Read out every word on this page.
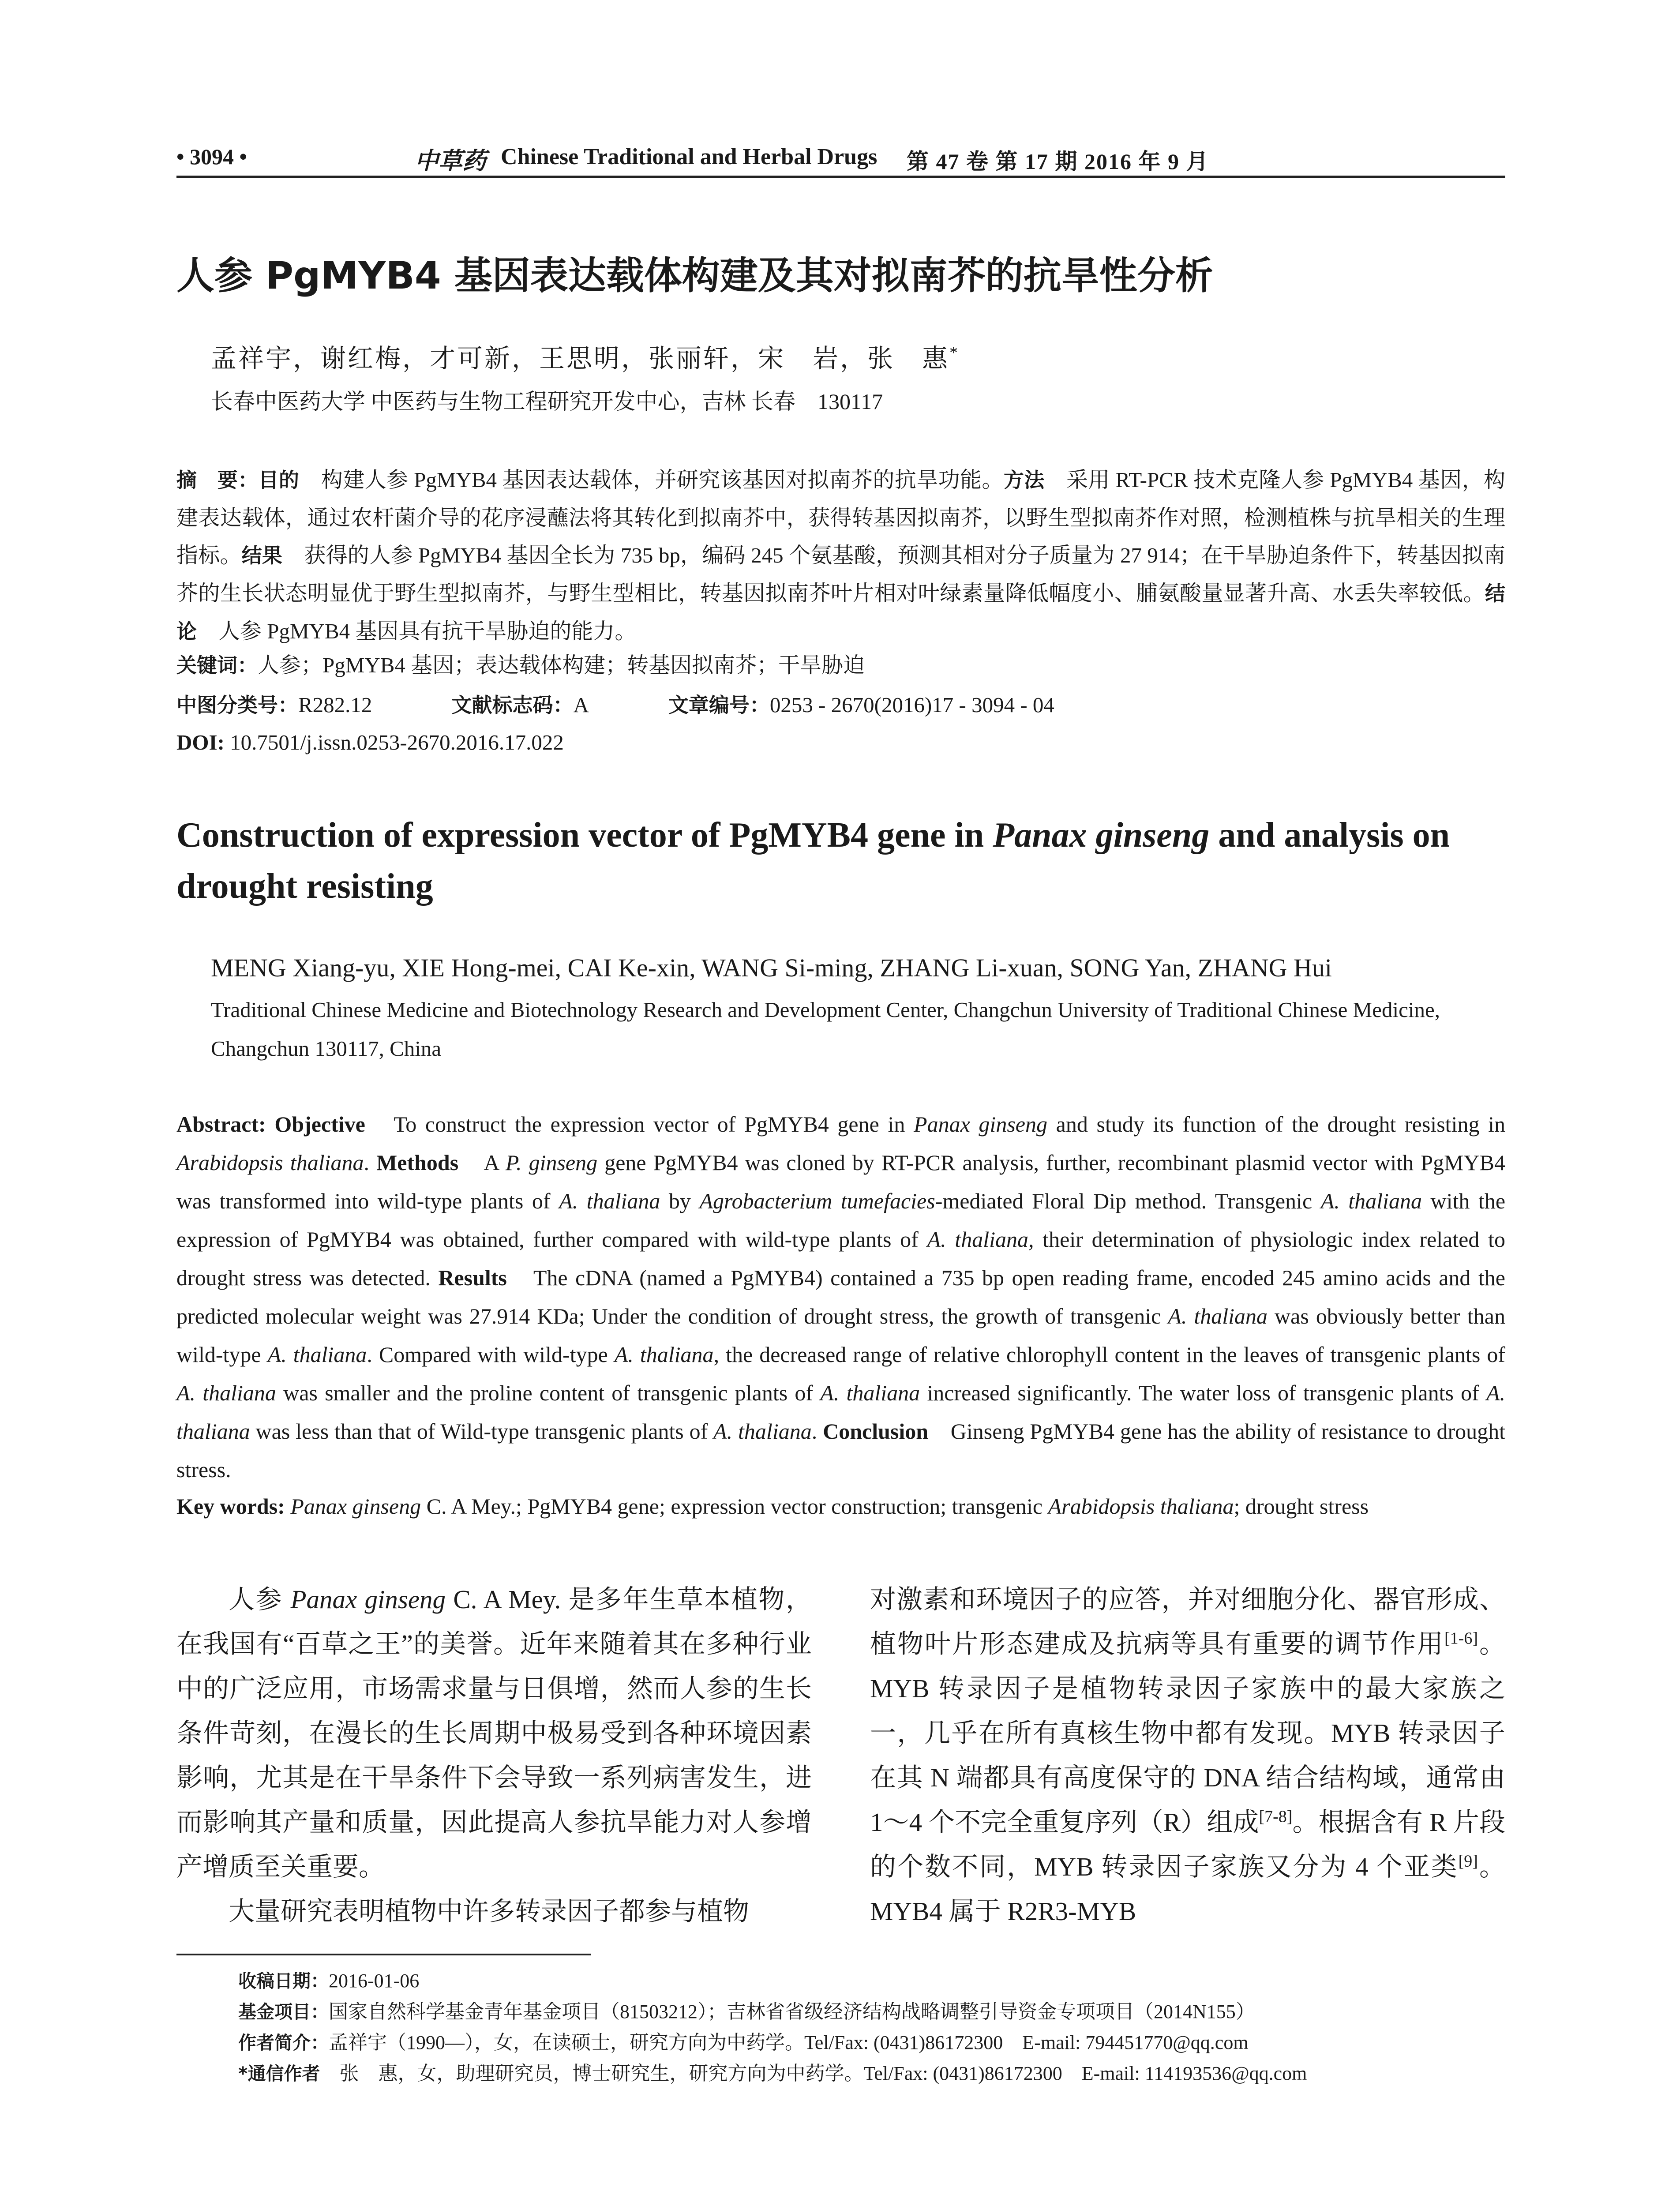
• 3094 •	中草药 Chinese Traditional and Herbal Drugs 第 47 卷 第 17 期 2016 年 9 月
人参 PgMYB4 基因表达载体构建及其对拟南芥的抗旱性分析
孟祥宇，谢红梅，才可新，王思明，张丽轩，宋　岩，张　惠*
长春中医药大学 中医药与生物工程研究开发中心，吉林 长春　130117
摘　要：目的　构建人参 PgMYB4 基因表达载体，并研究该基因对拟南芥的抗旱功能。方法　采用 RT-PCR 技术克隆人参 PgMYB4 基因，构建表达载体，通过农杆菌介导的花序浸蘸法将其转化到拟南芥中，获得转基因拟南芥，以野生型拟南芥作对照，检测植株与抗旱相关的生理指标。结果　获得的人参 PgMYB4 基因全长为 735 bp，编码 245 个氨基酸，预测其相对分子质量为 27 914；在干旱胁迫条件下，转基因拟南芥的生长状态明显优于野生型拟南芥，与野生型相比，转基因拟南芥叶片相对叶绿素量降低幅度小、脯氨酸量显著升高、水丢失率较低。结论　人参 PgMYB4 基因具有抗干旱胁迫的能力。
关键词：人参；PgMYB4 基因；表达载体构建；转基因拟南芥；干旱胁迫
中图分类号：R282.12	文献标志码：A	文章编号：0253 - 2670(2016)17 - 3094 - 04
DOI: 10.7501/j.issn.0253-2670.2016.17.022
Construction of expression vector of PgMYB4 gene in Panax ginseng and analysis on drought resisting
MENG Xiang-yu, XIE Hong-mei, CAI Ke-xin, WANG Si-ming, ZHANG Li-xuan, SONG Yan, ZHANG Hui
Traditional Chinese Medicine and Biotechnology Research and Development Center, Changchun University of Traditional Chinese Medicine, Changchun 130117, China
Abstract: Objective　To construct the expression vector of PgMYB4 gene in Panax ginseng and study its function of the drought resisting in Arabidopsis thaliana. Methods　A P. ginseng gene PgMYB4 was cloned by RT-PCR analysis, further, recombinant plasmid vector with PgMYB4 was transformed into wild-type plants of A. thaliana by Agrobacterium tumefacies-mediated Floral Dip method. Transgenic A. thaliana with the expression of PgMYB4 was obtained, further compared with wild-type plants of A. thaliana, their determination of physiologic index related to drought stress was detected. Results　The cDNA (named a PgMYB4) contained a 735 bp open reading frame, encoded 245 amino acids and the predicted molecular weight was 27.914 KDa; Under the condition of drought stress, the growth of transgenic A. thaliana was obviously better than wild-type A. thaliana. Compared with wild-type A. thaliana, the decreased range of relative chlorophyll content in the leaves of transgenic plants of A. thaliana was smaller and the proline content of transgenic plants of A. thaliana increased significantly. The water loss of transgenic plants of A. thaliana was less than that of Wild-type transgenic plants of A. thaliana. Conclusion　Ginseng PgMYB4 gene has the ability of resistance to drought stress.
Key words: Panax ginseng C. A Mey.; PgMYB4 gene; expression vector construction; transgenic Arabidopsis thaliana; drought stress

人参 Panax ginseng C. A Mey. 是多年生草本植物，在我国有“百草之王”的美誉。近年来随着其在多种行业中的广泛应用，市场需求量与日俱增，然而人参的生长条件苛刻，在漫长的生长周期中极易受到各种环境因素影响，尤其是在干旱条件下会导致一系列病害发生，进而影响其产量和质量，因此提高人参抗旱能力对人参增产增质至关重要。

大量研究表明植物中许多转录因子都参与植物

对激素和环境因子的应答，并对细胞分化、器官形成、植物叶片形态建成及抗病等具有重要的调节作用[1-6]。MYB 转录因子是植物转录因子家族中的最大家族之一，几乎在所有真核生物中都有发现。MYB 转录因子在其 N 端都具有高度保守的 DNA 结合结构域，通常由 1～4 个不完全重复序列（R）组成[7-8]。根据含有 R 片段的个数不同，MYB 转录因子家族又分为 4 个亚类[9]。MYB4 属于 R2R3-MYB

收稿日期：2016-01-06
基金项目：国家自然科学基金青年基金项目（81503212）；吉林省省级经济结构战略调整引导资金专项项目（2014N155）
作者简介：孟祥宇（1990—），女，在读硕士，研究方向为中药学。Tel/Fax: (0431)86172300　E-mail: 794451770@qq.com
*通信作者　张　惠，女，助理研究员，博士研究生，研究方向为中药学。Tel/Fax: (0431)86172300　E-mail: 114193536@qq.com
